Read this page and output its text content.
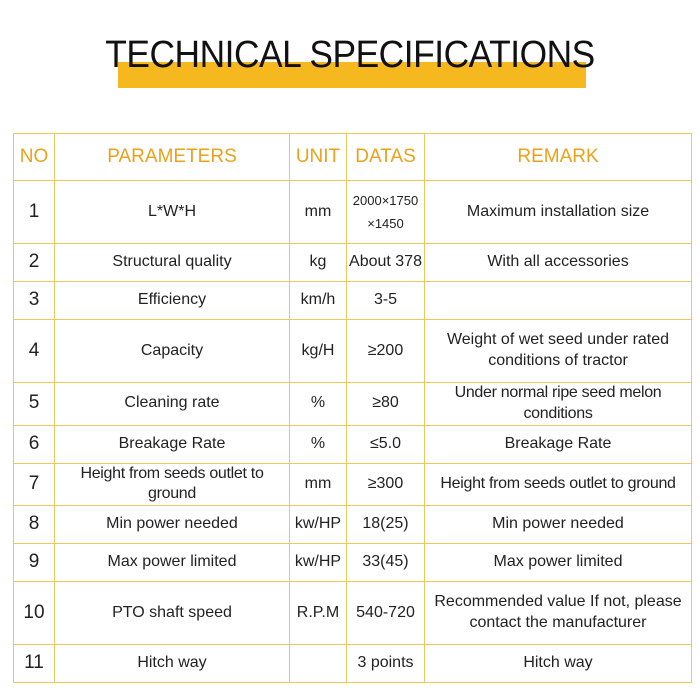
TECHNICAL SPECIFICATIONS
NO	PARAMETERS	UNIT	DATAS	REMARK
1	L*W*H	mm	2000×1750 ×1450	Maximum installation size
2	Structural quality	kg	About 378	With all accessories
3	Efficiency	km/h	3-5	
4	Capacity	kg/H	≥200	Weight of wet seed under rated conditions of tractor
5	Cleaning rate	%	≥80	Under normal ripe seed melon conditions
6	Breakage Rate	%	≤5.0	Breakage Rate
7	Height from seeds outlet to ground	mm	≥300	Height from seeds outlet to ground
8	Min power needed	kw/HP	18(25)	Min power needed
9	Max power limited	kw/HP	33(45)	Max power limited
10	PTO shaft speed	R.P.M	540-720	Recommended value If not, please contact the manufacturer
11	Hitch way		3 points	Hitch way
